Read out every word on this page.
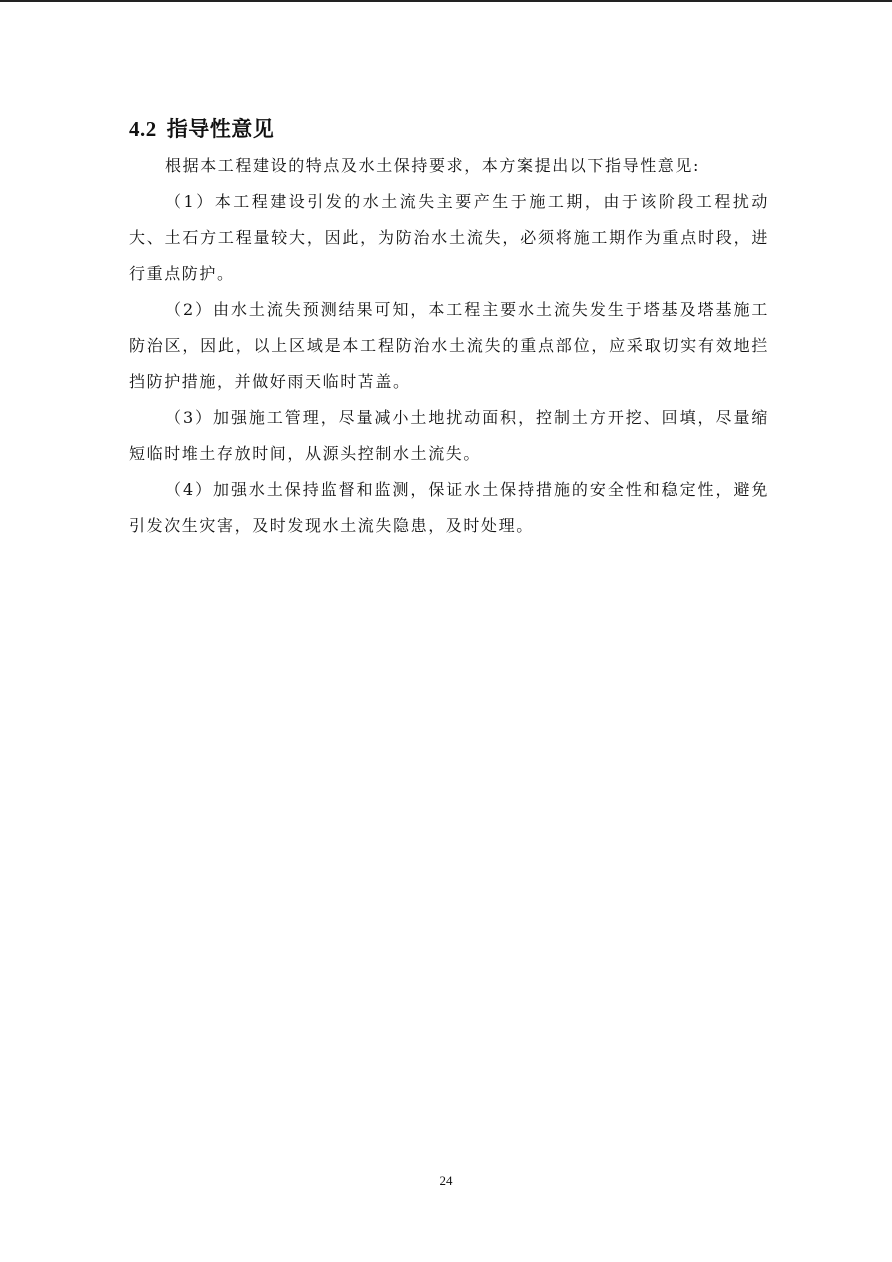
4.2 指导性意见

根据本工程建设的特点及水土保持要求，本方案提出以下指导性意见:

（1）本工程建设引发的水土流失主要产生于施工期，由于该阶段工程扰动大、土石方工程量较大，因此，为防治水土流失，必须将施工期作为重点时段，进行重点防护。

（2）由水土流失预测结果可知，本工程主要水土流失发生于塔基及塔基施工防治区，因此，以上区域是本工程防治水土流失的重点部位，应采取切实有效地拦挡防护措施，并做好雨天临时苫盖。

（3）加强施工管理，尽量减小土地扰动面积，控制土方开挖、回填，尽量缩短临时堆土存放时间，从源头控制水土流失。

（4）加强水土保持监督和监测，保证水土保持措施的安全性和稳定性，避免引发次生灾害，及时发现水土流失隐患，及时处理。

24
